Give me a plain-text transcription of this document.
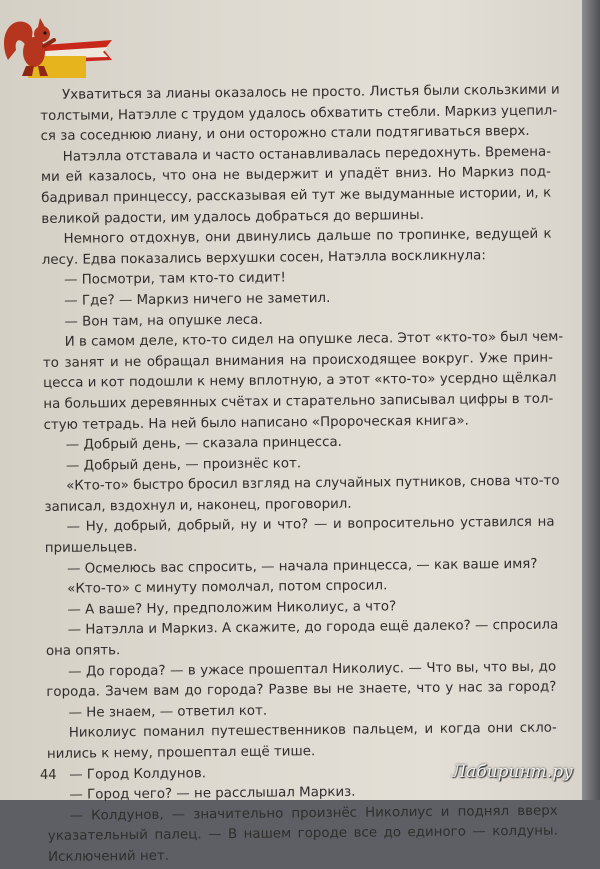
Ухватиться за лианы оказалось не просто. Листья были скользкими и
толстыми, Натэлле с трудом удалось обхватить стебли. Маркиз уцепил-
ся за соседнюю лиану, и они осторожно стали подтягиваться вверх.
Натэлла отставала и часто останавливалась передохнуть. Времена-
ми ей казалось, что она не выдержит и упадёт вниз. Но Маркиз под-
бадривал принцессу, рассказывая ей тут же выдуманные истории, и, к
великой радости, им удалось добраться до вершины.
Немного отдохнув, они двинулись дальше по тропинке, ведущей к
лесу. Едва показались верхушки сосен, Натэлла воскликнула:
— Посмотри, там кто-то сидит!
— Где? — Маркиз ничего не заметил.
— Вон там, на опушке леса.
И в самом деле, кто-то сидел на опушке леса. Этот «кто-то» был чем-
то занят и не обращал внимания на происходящее вокруг. Уже прин-
цесса и кот подошли к нему вплотную, а этот «кто-то» усердно щёлкал
на больших деревянных счётах и старательно записывал цифры в тол-
стую тетрадь. На ней было написано «Пророческая книга».
— Добрый день, — сказала принцесса.
— Добрый день, — произнёс кот.
«Кто-то» быстро бросил взгляд на случайных путников, снова что-то
записал, вздохнул и, наконец, проговорил.
— Ну, добрый, добрый, ну и что? — и вопросительно уставился на
пришельцев.
— Осмелюсь вас спросить, — начала принцесса, — как ваше имя?
«Кто-то» с минуту помолчал, потом спросил.
— А ваше? Ну, предположим Николиус, а что?
— Натэлла и Маркиз. А скажите, до города ещё далеко? — спросила
она опять.
— До города? — в ужасе прошептал Николиус. — Что вы, что вы, до
города. Зачем вам до города? Разве вы не знаете, что у нас за город?
— Не знаем, — ответил кот.
Николиус поманил путешественников пальцем, и когда они скло-
нились к нему, прошептал ещё тише.
— Город Колдунов.
— Город чего? — не расслышал Маркиз.
— Колдунов, — значительно произнёс Николиус и поднял вверх
указательный палец. — В нашем городе все до единого — колдуны.
Исключений нет.
44	Лабиринт.ру
